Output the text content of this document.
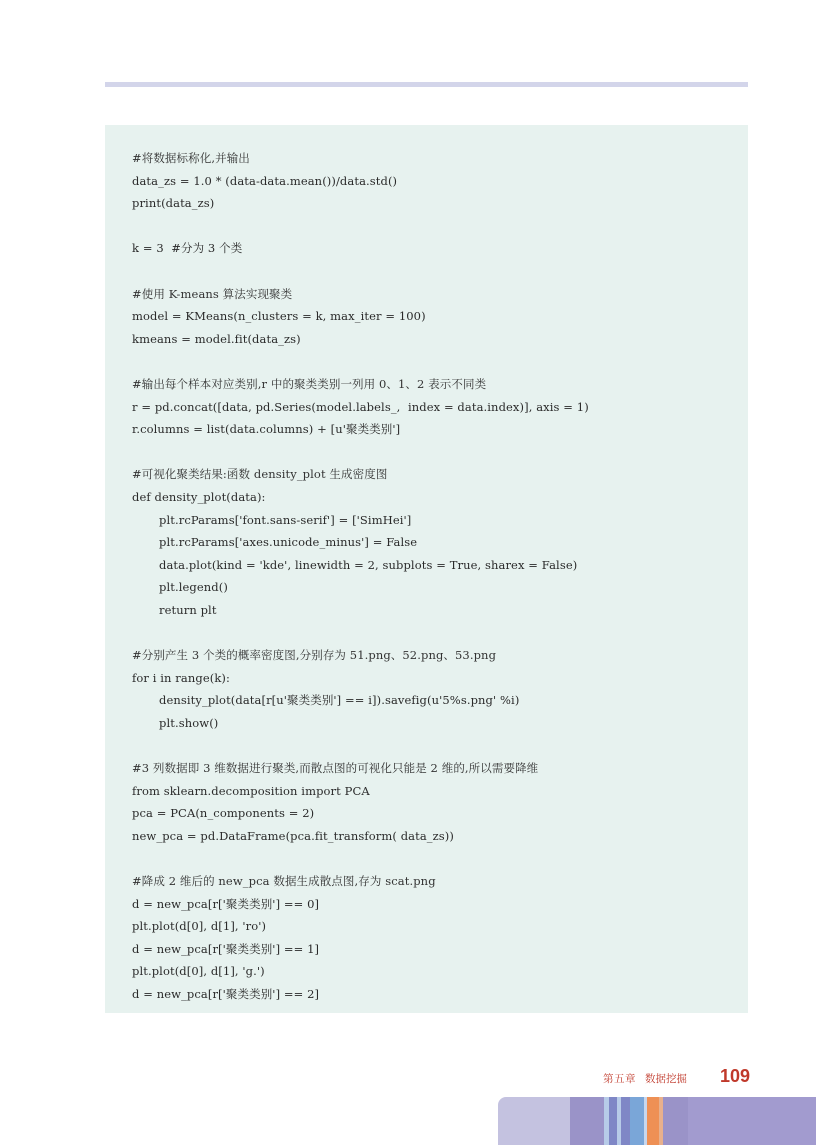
#将数据标称化,并输出
data_zs = 1.0 * (data-data.mean())/data.std()
print(data_zs)
k = 3  #分为 3 个类
#使用 K-means 算法实现聚类
model = KMeans(n_clusters = k, max_iter = 100)
kmeans = model.fit(data_zs)
#输出每个样本对应类别,r 中的聚类类别一列用 0、1、2 表示不同类
r = pd.concat([data, pd.Series(model.labels_,  index = data.index)], axis = 1)
r.columns = list(data.columns) + [u'聚类类别']
#可视化聚类结果:函数 density_plot 生成密度图
def density_plot(data):
plt.rcParams['font.sans-serif'] = ['SimHei']
plt.rcParams['axes.unicode_minus'] = False
data.plot(kind = 'kde', linewidth = 2, subplots = True, sharex = False)
plt.legend()
return plt
#分别产生 3 个类的概率密度图,分别存为 51.png、52.png、53.png
for i in range(k):
density_plot(data[r[u'聚类类别'] == i]).savefig(u'5%s.png' %i)
plt.show()
#3 列数据即 3 维数据进行聚类,而散点图的可视化只能是 2 维的,所以需要降维
from sklearn.decomposition import PCA
pca = PCA(n_components = 2)
new_pca = pd.DataFrame(pca.fit_transform( data_zs))
#降成 2 维后的 new_pca 数据生成散点图,存为 scat.png
d = new_pca[r['聚类类别'] == 0]
plt.plot(d[0], d[1], 'ro')
d = new_pca[r['聚类类别'] == 1]
plt.plot(d[0], d[1], 'g.')
d = new_pca[r['聚类类别'] == 2]
第五章 数据挖掘 109
